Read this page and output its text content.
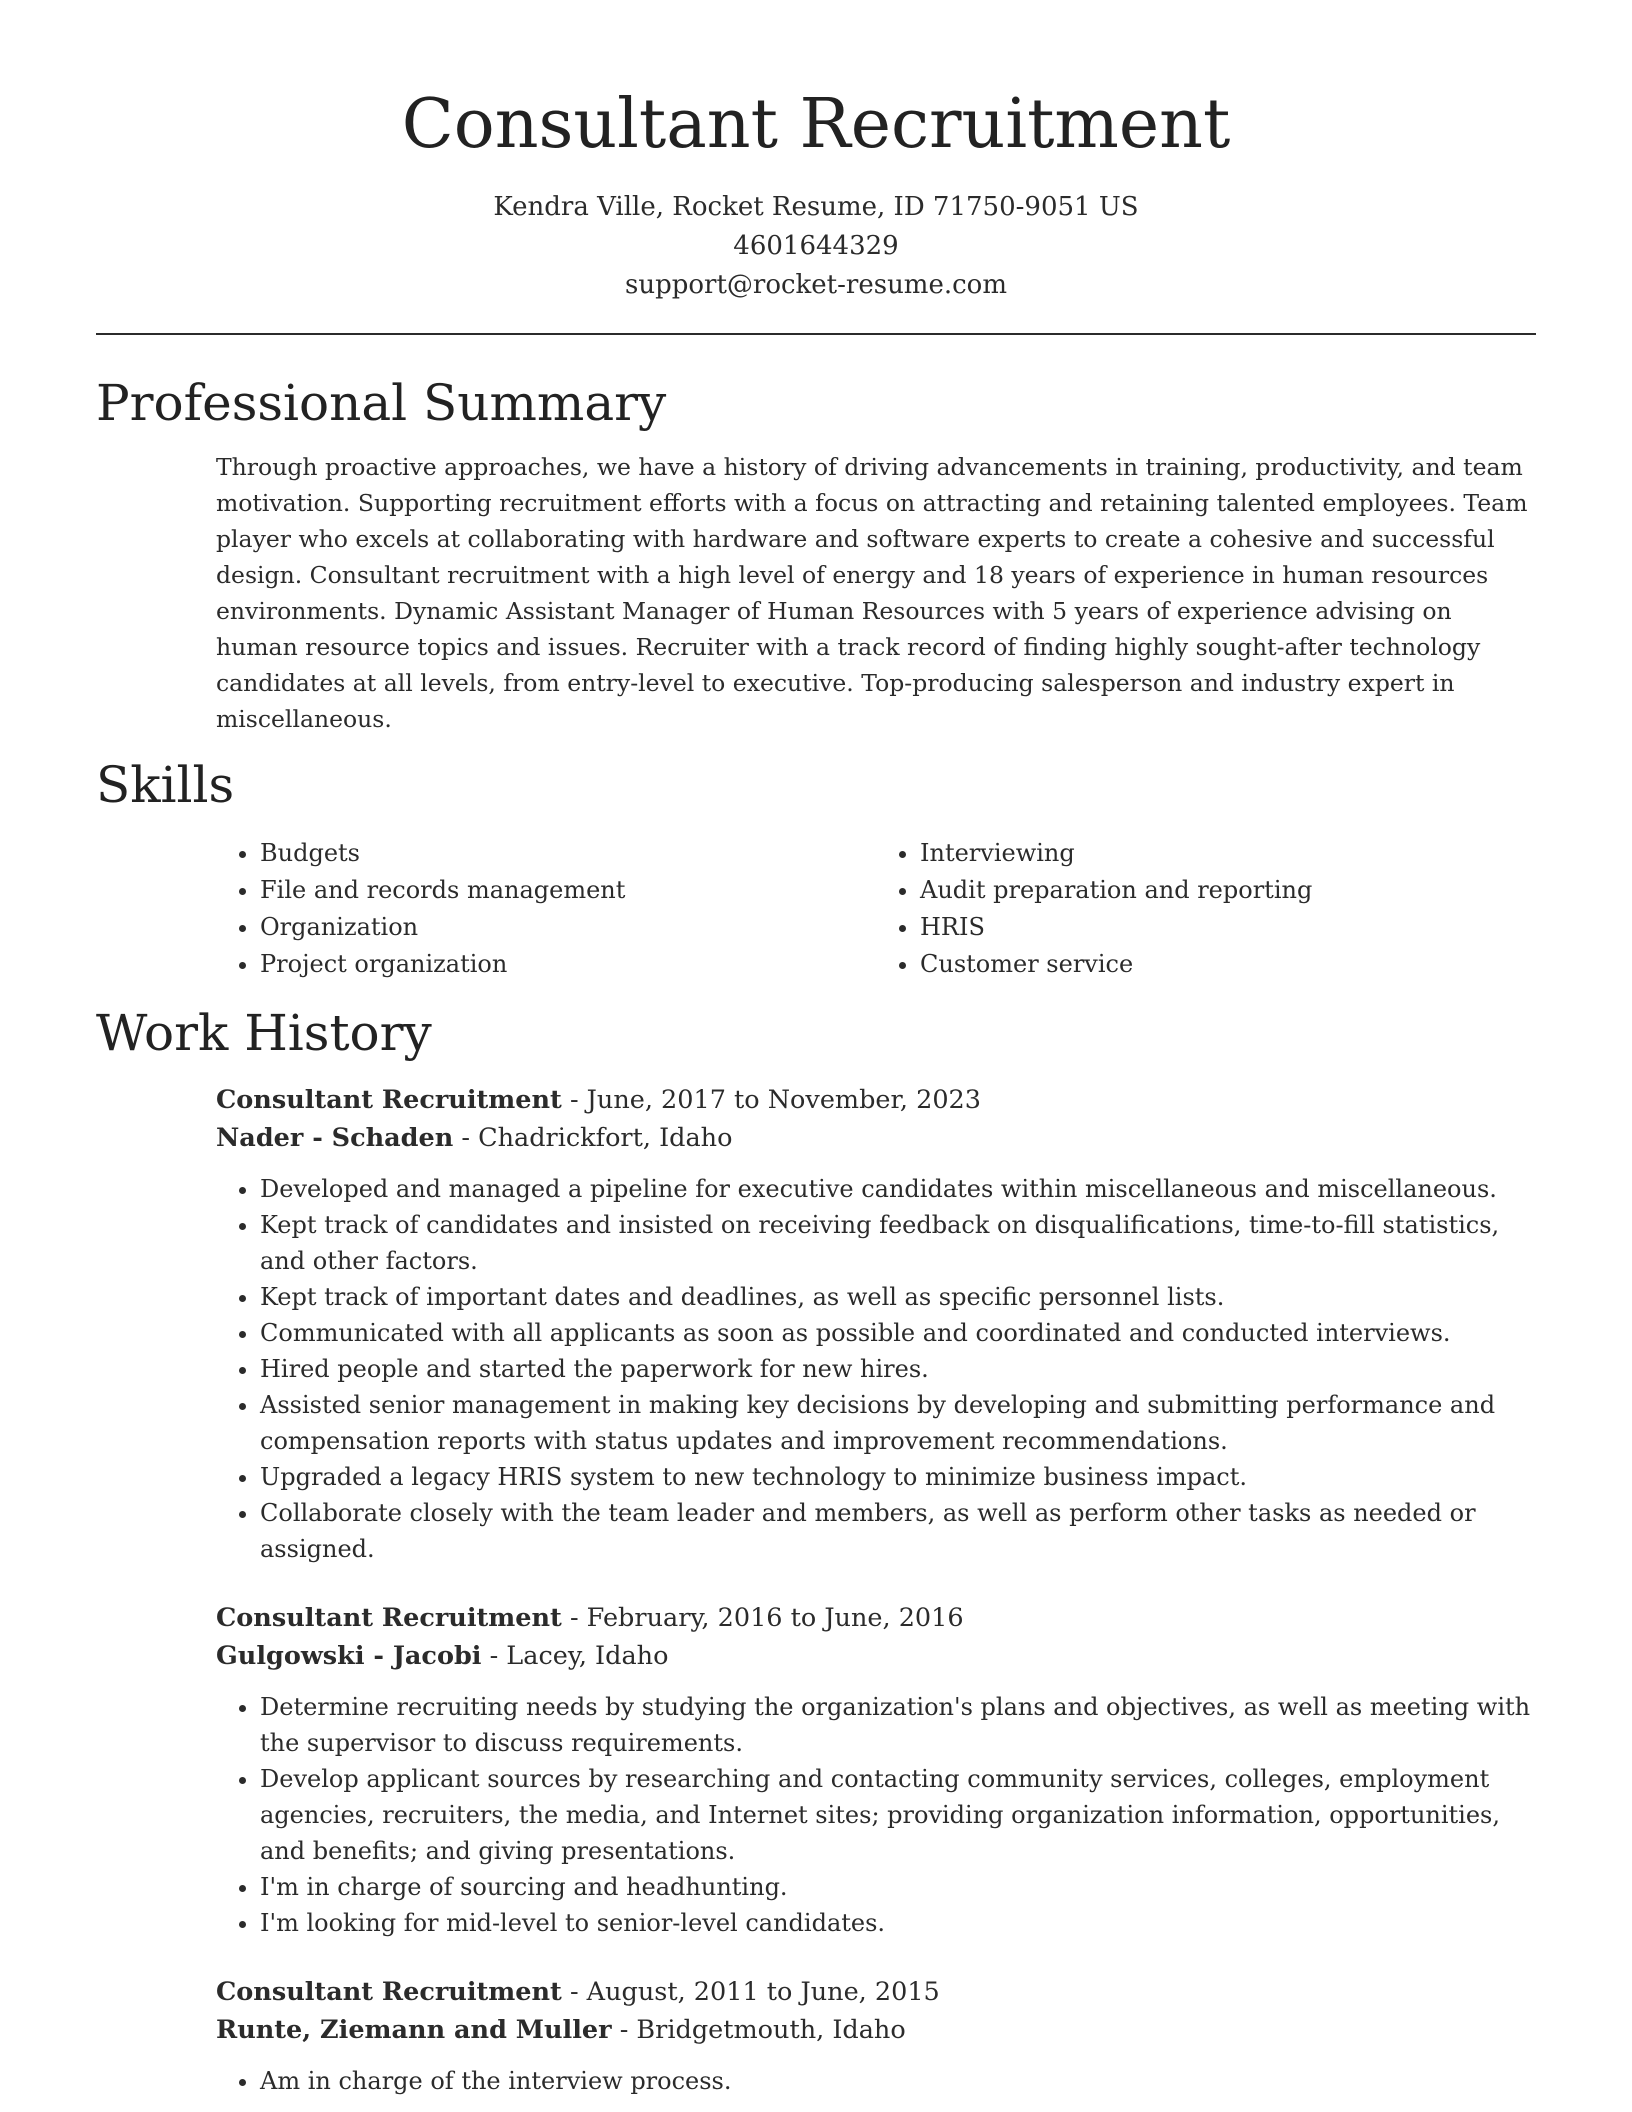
Consultant Recruitment
Kendra Ville, Rocket Resume, ID 71750-9051 US
4601644329
support@rocket-resume.com
Professional Summary

Through proactive approaches, we have a history of driving advancements in training, productivity, and team motivation. Supporting recruitment efforts with a focus on attracting and retaining talented employees. Team player who excels at collaborating with hardware and software experts to create a cohesive and successful design. Consultant recruitment with a high level of energy and 18 years of experience in human resources environments. Dynamic Assistant Manager of Human Resources with 5 years of experience advising on human resource topics and issues. Recruiter with a track record of finding highly sought-after technology candidates at all levels, from entry-level to executive. Top-producing salesperson and industry expert in miscellaneous.

Skills
• Budgets
• File and records management
• Organization
• Project organization
• Interviewing
• Audit preparation and reporting
• HRIS
• Customer service
Work History
Consultant Recruitment - June, 2017 to November, 2023
Nader - Schaden - Chadrickfort, Idaho
• Developed and managed a pipeline for executive candidates within miscellaneous and miscellaneous.
• Kept track of candidates and insisted on receiving feedback on disqualifications, time-to-fill statistics, and other factors.
• Kept track of important dates and deadlines, as well as specific personnel lists.
• Communicated with all applicants as soon as possible and coordinated and conducted interviews.
• Hired people and started the paperwork for new hires.
• Assisted senior management in making key decisions by developing and submitting performance and compensation reports with status updates and improvement recommendations.
• Upgraded a legacy HRIS system to new technology to minimize business impact.
• Collaborate closely with the team leader and members, as well as perform other tasks as needed or assigned.
Consultant Recruitment - February, 2016 to June, 2016
Gulgowski - Jacobi - Lacey, Idaho
• Determine recruiting needs by studying the organization's plans and objectives, as well as meeting with the supervisor to discuss requirements.
• Develop applicant sources by researching and contacting community services, colleges, employment agencies, recruiters, the media, and Internet sites; providing organization information, opportunities, and benefits; and giving presentations.
• I'm in charge of sourcing and headhunting.
• I'm looking for mid-level to senior-level candidates.
Consultant Recruitment - August, 2011 to June, 2015
Runte, Ziemann and Muller - Bridgetmouth, Idaho
• Am in charge of the interview process.
